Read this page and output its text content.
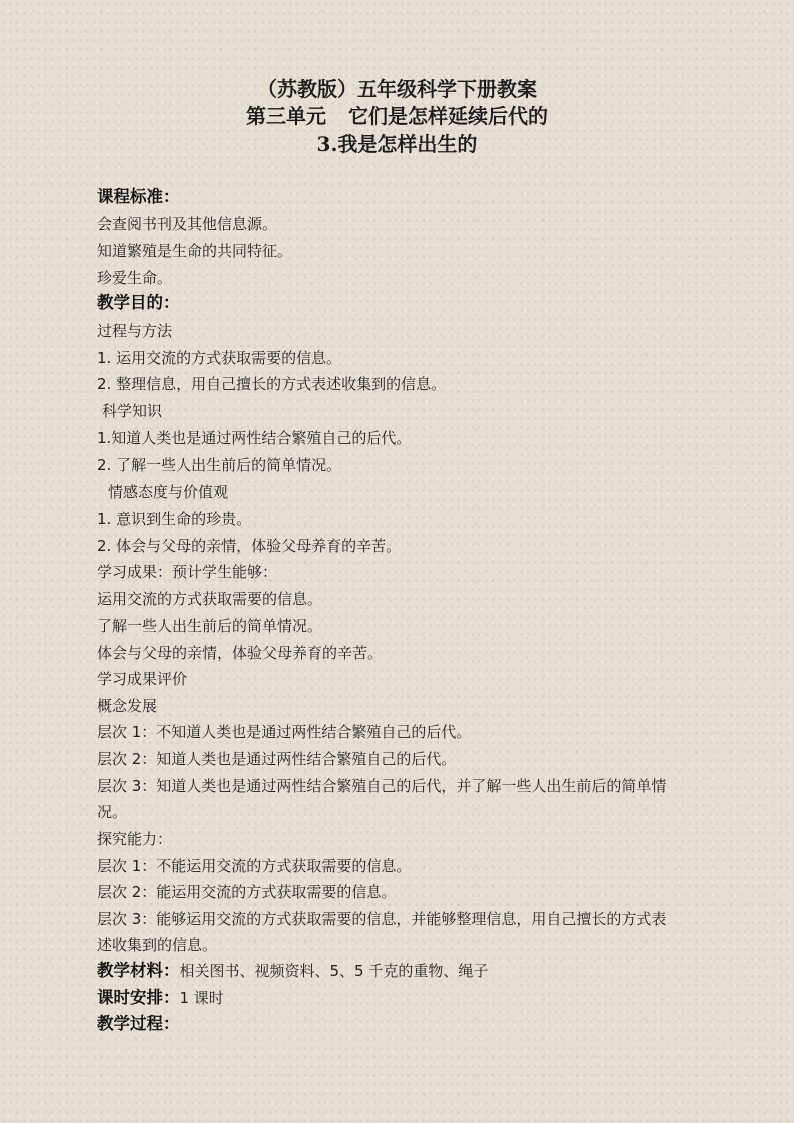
（苏教版）五年级科学下册教案
第三单元 它们是怎样延续后代的
3.我是怎样出生的
课程标准：
会查阅书刊及其他信息源。
知道繁殖是生命的共同特征。
珍爱生命。
教学目的：
过程与方法
1. 运用交流的方式获取需要的信息。
2. 整理信息，用自己擅长的方式表述收集到的信息。
科学知识
1.知道人类也是通过两性结合繁殖自己的后代。
2. 了解一些人出生前后的简单情况。
情感态度与价值观
1. 意识到生命的珍贵。
2. 体会与父母的亲情，体验父母养育的辛苦。
学习成果：预计学生能够：
运用交流的方式获取需要的信息。
了解一些人出生前后的简单情况。
体会与父母的亲情，体验父母养育的辛苦。
学习成果评价
概念发展
层次 1：不知道人类也是通过两性结合繁殖自己的后代。
层次 2：知道人类也是通过两性结合繁殖自己的后代。
层次 3：知道人类也是通过两性结合繁殖自己的后代，并了解一些人出生前后的简单情
况。
探究能力：
层次 1：不能运用交流的方式获取需要的信息。
层次 2：能运用交流的方式获取需要的信息。
层次 3：能够运用交流的方式获取需要的信息，并能够整理信息，用自己擅长的方式表
述收集到的信息。
教学材料：相关图书、视频资料、5、5 千克的重物、绳子
课时安排：1 课时
教学过程：
